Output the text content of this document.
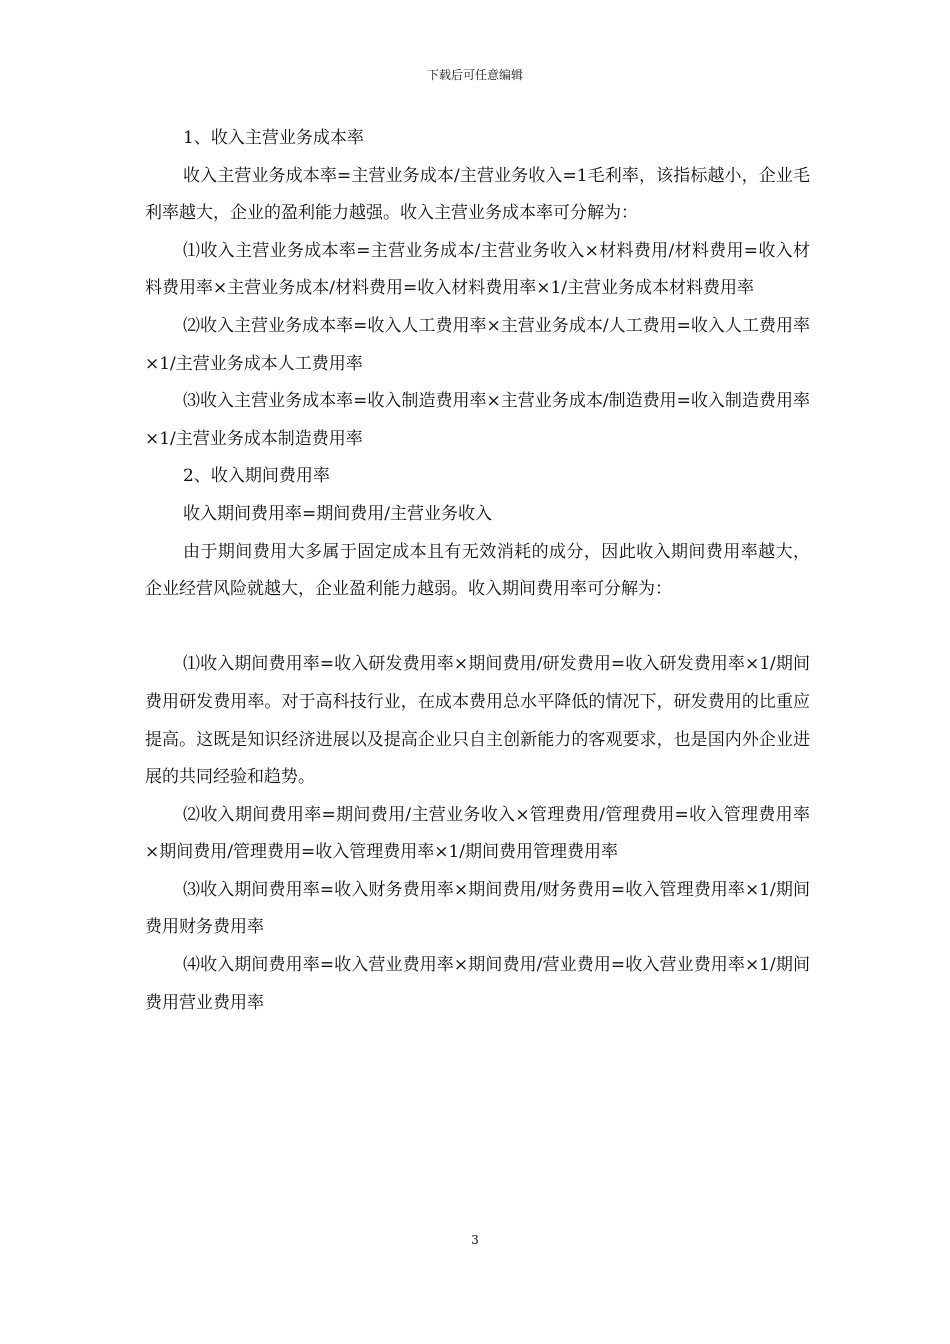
下载后可任意编辑

1、收入主营业务成本率

收入主营业务成本率=主营业务成本/主营业务收入=1毛利率，该指标越小，企业毛利率越大，企业的盈利能力越强。收入主营业务成本率可分解为：

⑴收入主营业务成本率=主营业务成本/主营业务收入×材料费用/材料费用=收入材料费用率×主营业务成本/材料费用=收入材料费用率×1/主营业务成本材料费用率

⑵收入主营业务成本率=收入人工费用率×主营业务成本/人工费用=收入人工费用率×1/主营业务成本人工费用率

⑶收入主营业务成本率=收入制造费用率×主营业务成本/制造费用=收入制造费用率×1/主营业务成本制造费用率

2、收入期间费用率

收入期间费用率=期间费用/主营业务收入

由于期间费用大多属于固定成本且有无效消耗的成分，因此收入期间费用率越大，企业经营风险就越大，企业盈利能力越弱。收入期间费用率可分解为：

⑴收入期间费用率=收入研发费用率×期间费用/研发费用=收入研发费用率×1/期间费用研发费用率。对于高科技行业，在成本费用总水平降低的情况下，研发费用的比重应提高。这既是知识经济进展以及提高企业只自主创新能力的客观要求，也是国内外企业进展的共同经验和趋势。

⑵收入期间费用率=期间费用/主营业务收入×管理费用/管理费用=收入管理费用率×期间费用/管理费用=收入管理费用率×1/期间费用管理费用率

⑶收入期间费用率=收入财务费用率×期间费用/财务费用=收入管理费用率×1/期间费用财务费用率

⑷收入期间费用率=收入营业费用率×期间费用/营业费用=收入营业费用率×1/期间费用营业费用率

3
